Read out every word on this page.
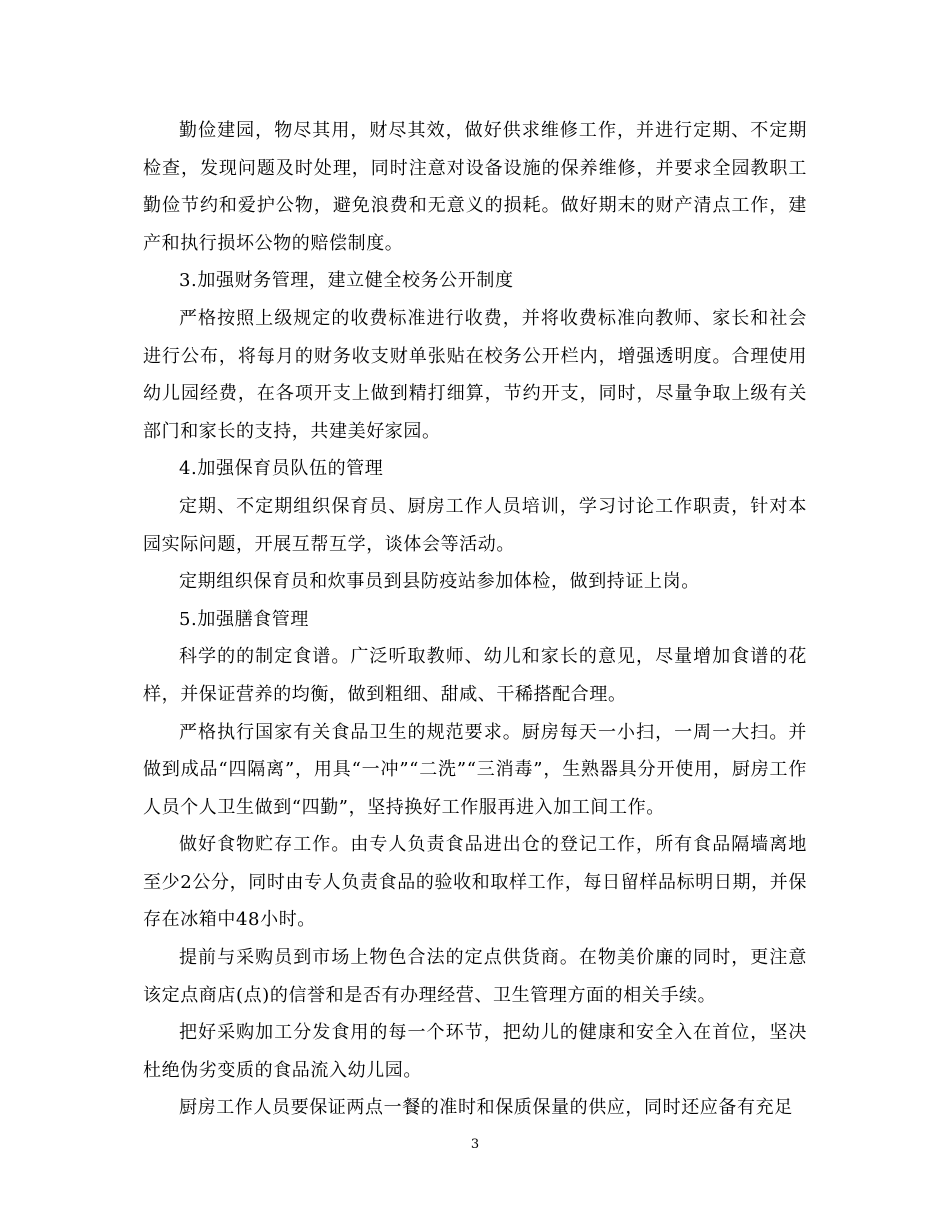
勤俭建园，物尽其用，财尽其效，做好供求维修工作，并进行定期、不定期检查，发现问题及时处理，同时注意对设备设施的保养维修，并要求全园教职工勤俭节约和爱护公物，避免浪费和无意义的损耗。做好期末的财产清点工作，建产和执行损坏公物的赔偿制度。

3.加强财务管理，建立健全校务公开制度

严格按照上级规定的收费标准进行收费，并将收费标准向教师、家长和社会进行公布，将每月的财务收支财单张贴在校务公开栏内，增强透明度。合理使用幼儿园经费，在各项开支上做到精打细算，节约开支，同时，尽量争取上级有关部门和家长的支持，共建美好家园。

4.加强保育员队伍的管理

定期、不定期组织保育员、厨房工作人员培训，学习讨论工作职责，针对本园实际问题，开展互帮互学，谈体会等活动。

定期组织保育员和炊事员到县防疫站参加体检，做到持证上岗。

5.加强膳食管理

科学的的制定食谱。广泛听取教师、幼儿和家长的意见，尽量增加食谱的花样，并保证营养的均衡，做到粗细、甜咸、干稀搭配合理。

严格执行国家有关食品卫生的规范要求。厨房每天一小扫，一周一大扫。并做到成品“四隔离”，用具“一冲”“二洗”“三消毒”，生熟器具分开使用，厨房工作人员个人卫生做到“四勤”，坚持换好工作服再进入加工间工作。

做好食物贮存工作。由专人负责食品进出仓的登记工作，所有食品隔墙离地至少2公分，同时由专人负责食品的验收和取样工作，每日留样品标明日期，并保存在冰箱中48小时。

提前与采购员到市场上物色合法的定点供货商。在物美价廉的同时，更注意该定点商店(点)的信誉和是否有办理经营、卫生管理方面的相关手续。

把好采购加工分发食用的每一个环节，把幼儿的健康和安全入在首位，坚决杜绝伪劣变质的食品流入幼儿园。

厨房工作人员要保证两点一餐的准时和保质保量的供应，同时还应备有充足

3
